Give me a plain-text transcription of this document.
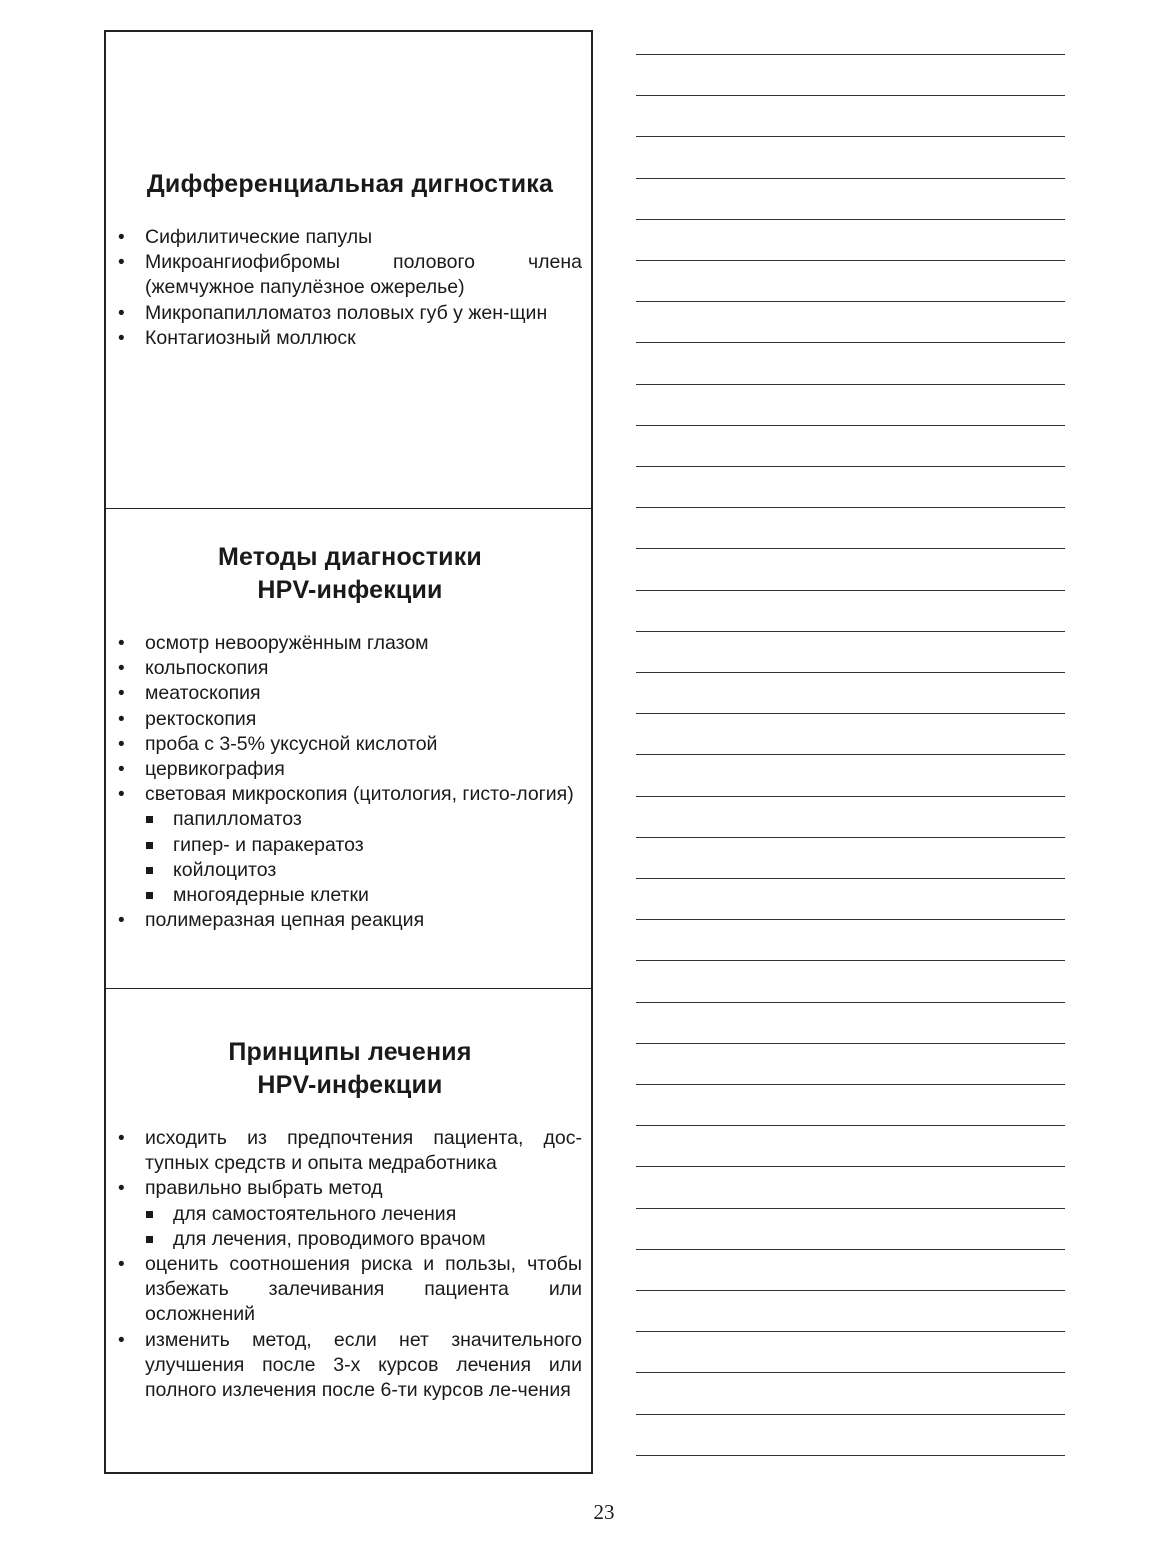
Дифференциальная дигностика
•	Сифилитические папулы
•	Микроангиофибромы полового члена (жемчужное папулёзное ожерелье)
•	Микропапилломатоз половых губ у жен-щин
•	Контагиозный моллюск
Методы диагностики
HPV-инфекции
•	осмотр невооружённым глазом
•	кольпоскопия
•	меатоскопия
•	ректоскопия
•	проба с 3-5% уксусной кислотой
•	цервикография
•	световая микроскопия (цитология, гисто-логия)
папилломатоз
гипер- и паракератоз
койлоцитоз
многоядерные клетки
•	полимеразная цепная реакция
Принципы лечения
HPV-инфекции
•	исходить из предпочтения пациента, дос-тупных средств и опыта медработника
•	правильно выбрать метод
для самостоятельного лечения
для лечения, проводимого врачом
•	оценить соотношения риска и пользы, чтобы избежать залечивания пациента или осложнений
•	изменить метод, если нет значительного улучшения после 3-х курсов лечения или полного излечения после 6-ти курсов ле-чения
23
